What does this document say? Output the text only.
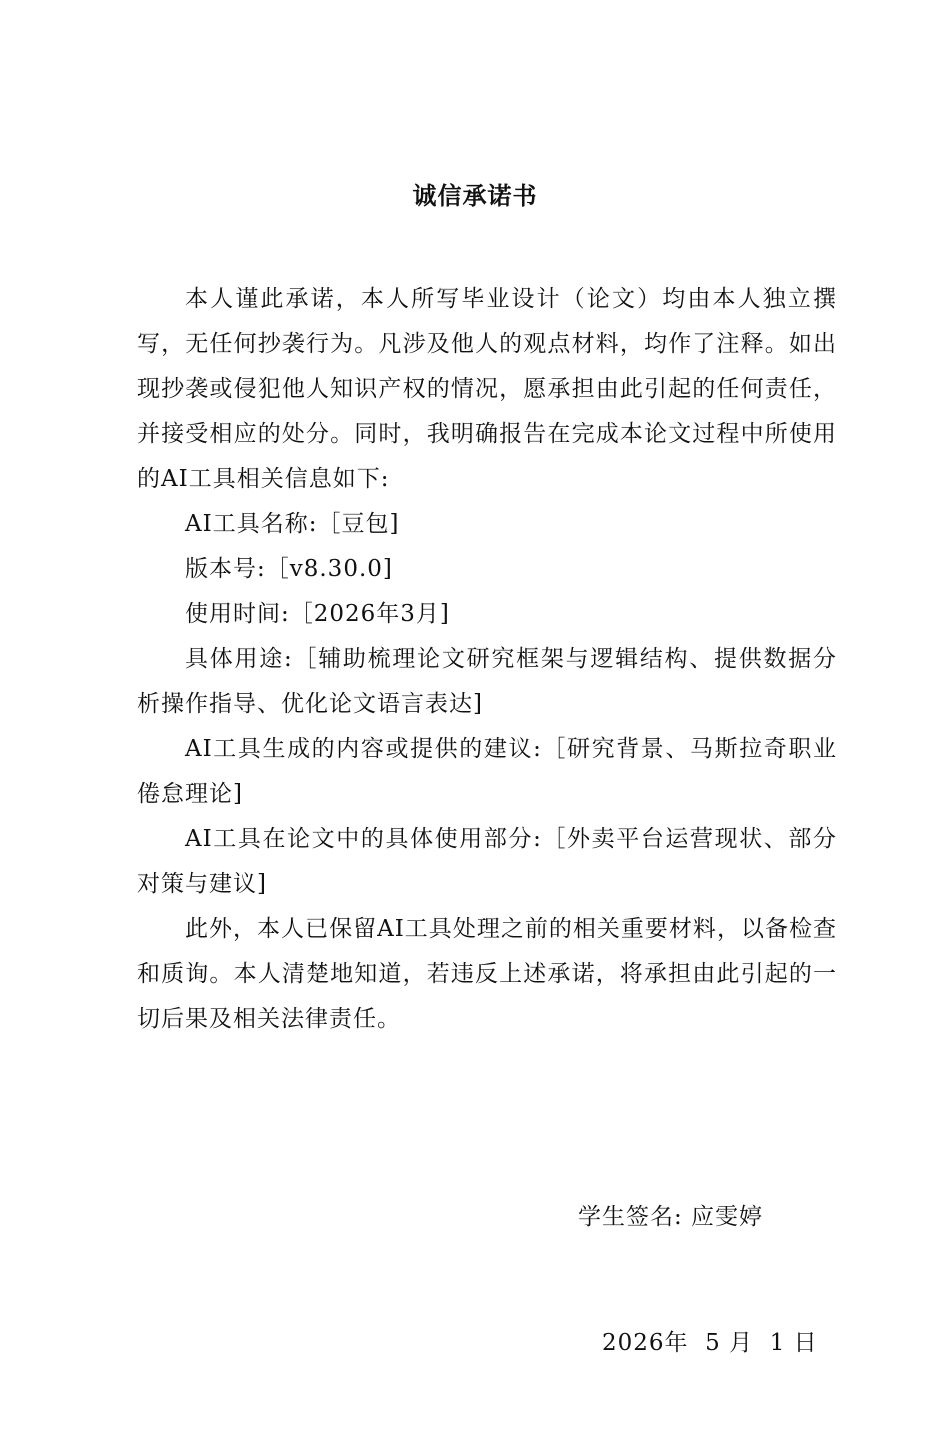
诚信承诺书

本人谨此承诺，本人所写毕业设计（论文）均由本人独立撰写，无任何抄袭行为。凡涉及他人的观点材料，均作了注释。如出现抄袭或侵犯他人知识产权的情况，愿承担由此引起的任何责任，并接受相应的处分。同时，我明确报告在完成本论文过程中所使用的AI工具相关信息如下:

AI工具名称:［豆包]

版本号:［v8.30.0]

使用时间:［2026年3月]

具体用途:［辅助梳理论文研究框架与逻辑结构、提供数据分析操作指导、优化论文语言表达]

AI工具生成的内容或提供的建议:［研究背景、马斯拉奇职业倦怠理论]

AI工具在论文中的具体使用部分:［外卖平台运营现状、部分对策与建议]

此外，本人已保留AI工具处理之前的相关重要材料，以备检查和质询。本人清楚地知道，若违反上述承诺，将承担由此引起的一切后果及相关法律责任。

学生签名: 应雯婷

2026年  5 月  1 日
